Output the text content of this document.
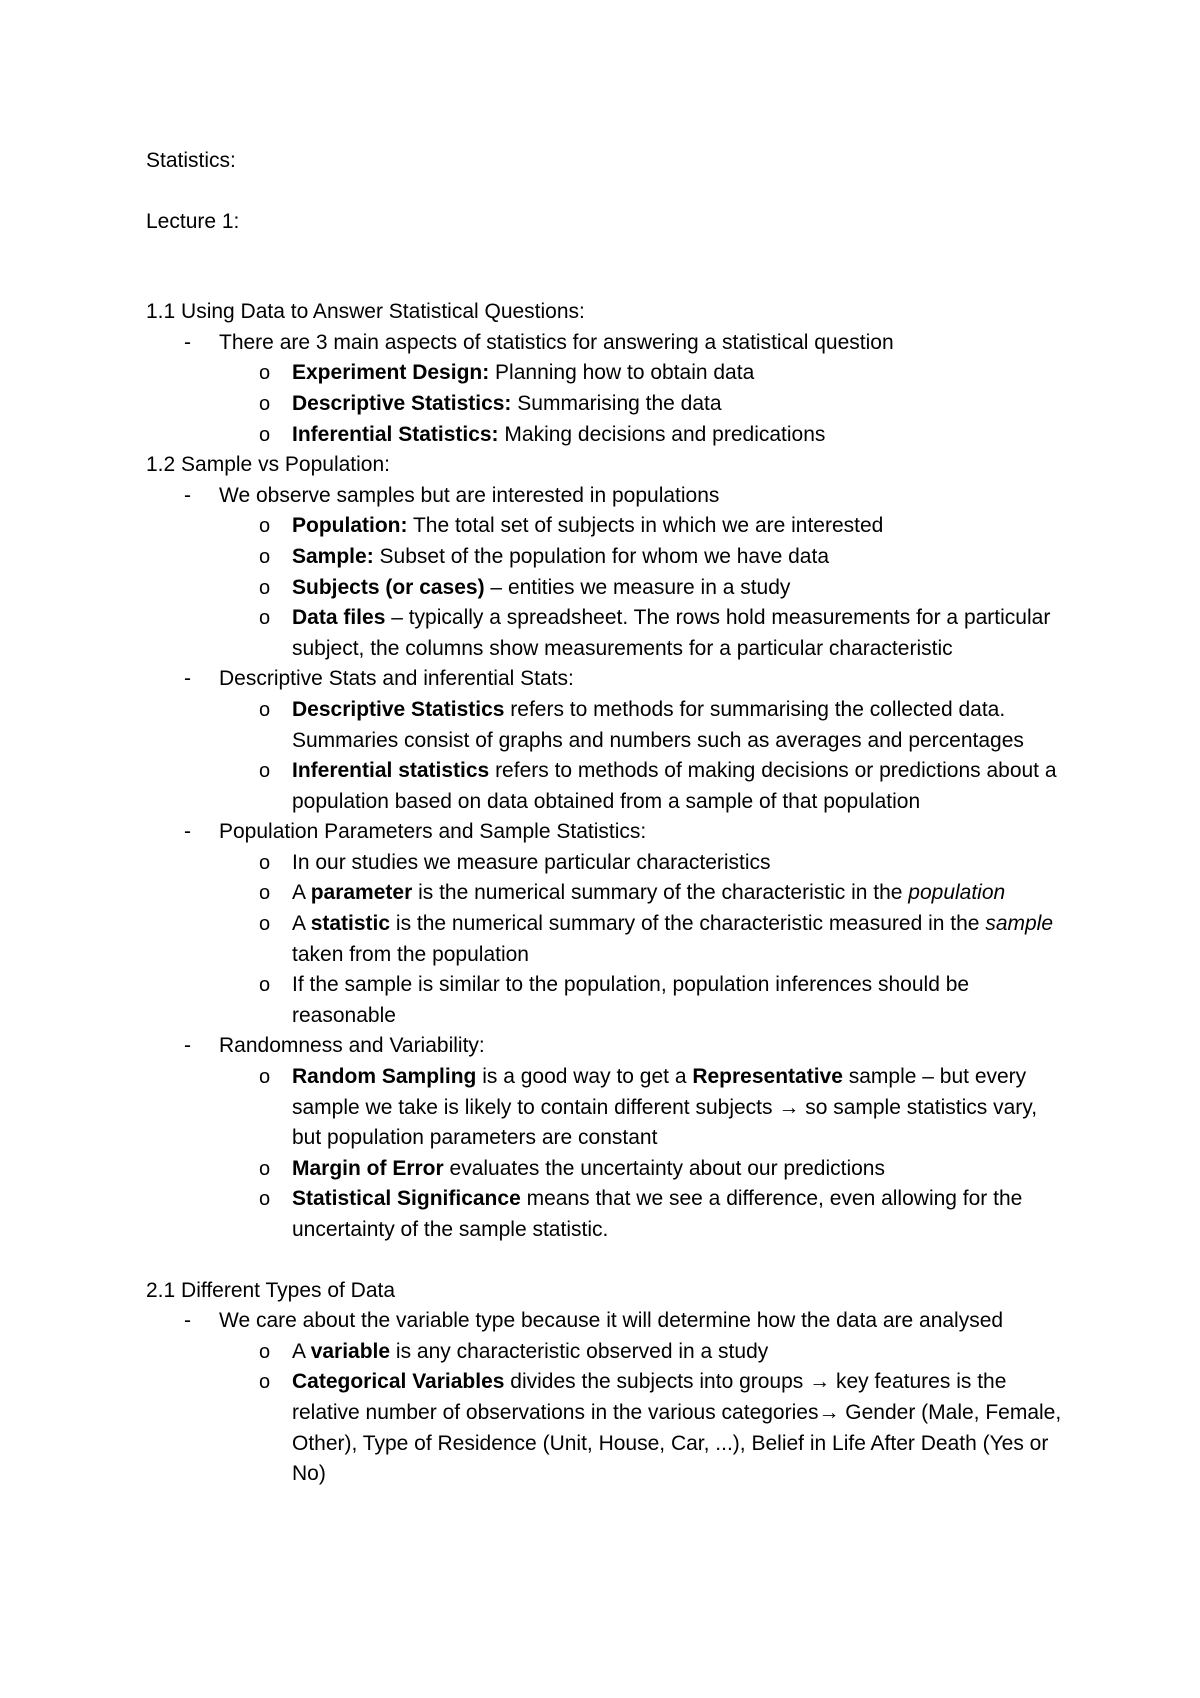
Statistics:

Lecture 1:

1.1 Using Data to Answer Statistical Questions:

-	There are 3 main aspects of statistics for answering a statistical question
o	Experiment Design: Planning how to obtain data
o	Descriptive Statistics: Summarising the data
o	Inferential Statistics: Making decisions and predications

1.2 Sample vs Population:

-	We observe samples but are interested in populations
o	Population: The total set of subjects in which we are interested
o	Sample: Subset of the population for whom we have data
o	Subjects (or cases) – entities we measure in a study
o	Data files – typically a spreadsheet. The rows hold measurements for a particular subject, the columns show measurements for a particular characteristic
-	Descriptive Stats and inferential Stats:
o	Descriptive Statistics refers to methods for summarising the collected data. Summaries consist of graphs and numbers such as averages and percentages
o	Inferential statistics refers to methods of making decisions or predictions about a population based on data obtained from a sample of that population
-	Population Parameters and Sample Statistics:
o	In our studies we measure particular characteristics
o	A parameter is the numerical summary of the characteristic in the population
o	A statistic is the numerical summary of the characteristic measured in the sample taken from the population
o	If the sample is similar to the population, population inferences should be reasonable
-	Randomness and Variability:
o	Random Sampling is a good way to get a Representative sample – but every sample we take is likely to contain different subjects → so sample statistics vary, but population parameters are constant
o	Margin of Error evaluates the uncertainty about our predictions
o	Statistical Significance means that we see a difference, even allowing for the uncertainty of the sample statistic.

2.1 Different Types of Data

-	We care about the variable type because it will determine how the data are analysed
o	A variable is any characteristic observed in a study
o	Categorical Variables divides the subjects into groups → key features is the relative number of observations in the various categories→ Gender (Male, Female, Other), Type of Residence (Unit, House, Car, ...), Belief in Life After Death (Yes or No)
